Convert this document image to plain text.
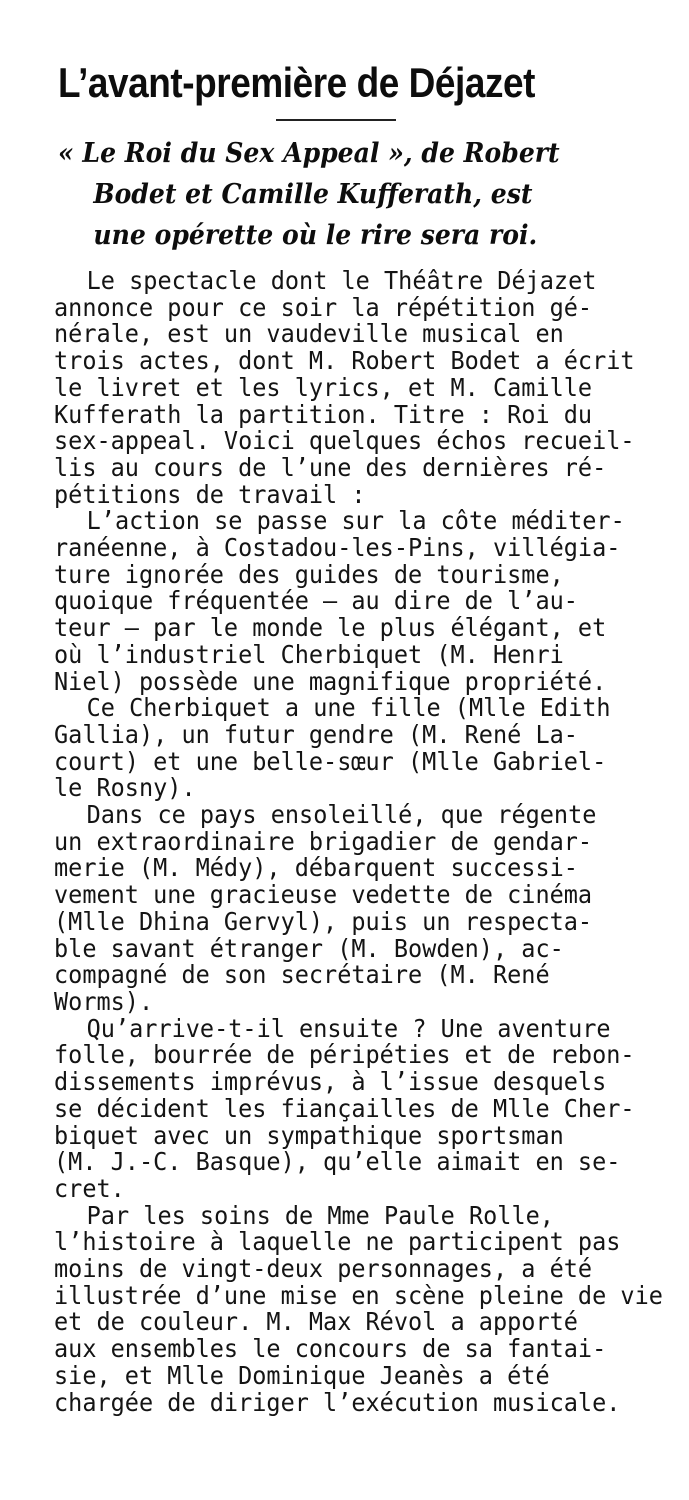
L’avant-première de Déjazet
« Le Roi du Sex Appeal », de Robert
Bodet et Camille Kufferath, est
une opérette où le rire sera roi.
Le spectacle dont le Théâtre Déjazet
annonce pour ce soir la répétition gé-
nérale, est un vaudeville musical en
trois actes, dont M. Robert Bodet a écrit
le livret et les lyrics, et M. Camille
Kufferath la partition. Titre : Roi du
sex-appeal. Voici quelques échos recueil-
lis au cours de l’une des dernières ré-
pétitions de travail :
L’action se passe sur la côte méditer-
ranéenne, à Costadou-les-Pins, villégia-
ture ignorée des guides de tourisme,
quoique fréquentée — au dire de l’au-
teur — par le monde le plus élégant, et
où l’industriel Cherbiquet (M. Henri
Niel) possède une magnifique propriété.
Ce Cherbiquet a une fille (Mlle Edith
Gallia), un futur gendre (M. René La-
court) et une belle-sœur (Mlle Gabriel-
le Rosny).
Dans ce pays ensoleillé, que régente
un extraordinaire brigadier de gendar-
merie (M. Médy), débarquent successi-
vement une gracieuse vedette de cinéma
(Mlle Dhina Gervyl), puis un respecta-
ble savant étranger (M. Bowden), ac-
compagné de son secrétaire (M. René
Worms).
Qu’arrive-t-il ensuite ? Une aventure
folle, bourrée de péripéties et de rebon-
dissements imprévus, à l’issue desquels
se décident les fiançailles de Mlle Cher-
biquet avec un sympathique sportsman
(M. J.-C. Basque), qu’elle aimait en se-
cret.
Par les soins de Mme Paule Rolle,
l’histoire à laquelle ne participent pas
moins de vingt-deux personnages, a été
illustrée d’une mise en scène pleine de vie
et de couleur. M. Max Révol a apporté
aux ensembles le concours de sa fantai-
sie, et Mlle Dominique Jeanès a été
chargée de diriger l’exécution musicale.
